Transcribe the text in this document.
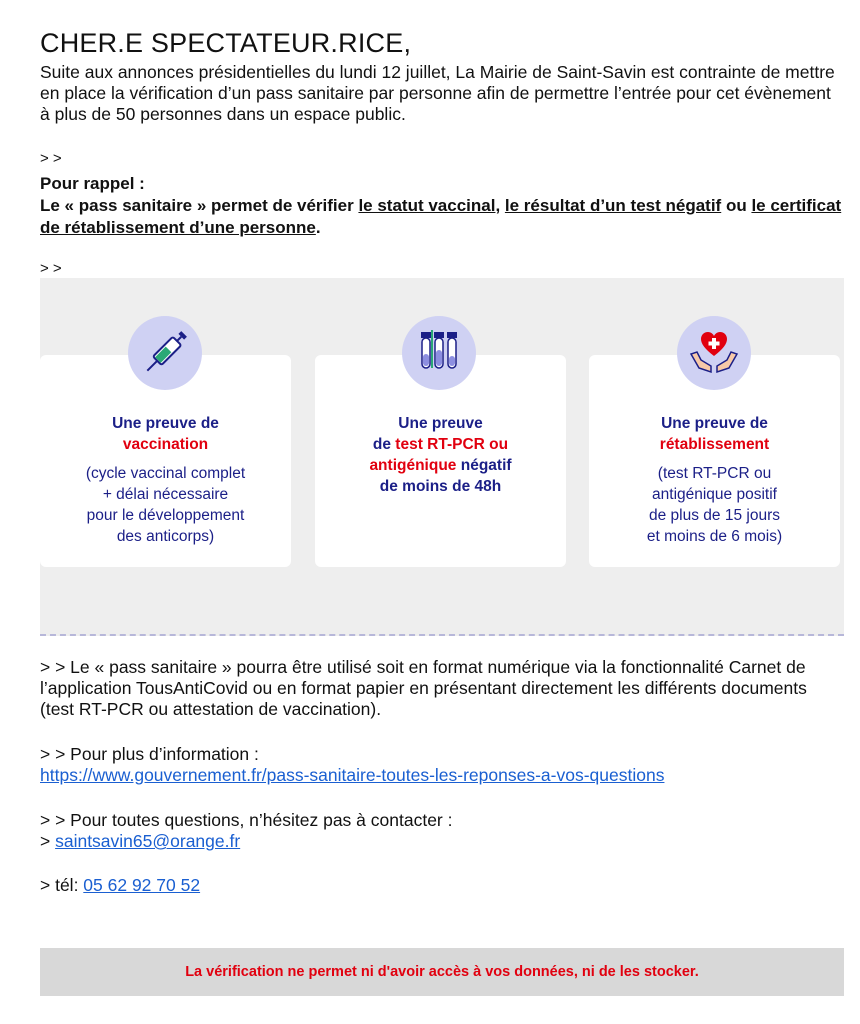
CHER.E SPECTATEUR.RICE,
Suite aux annonces présidentielles du lundi 12 juillet, La Mairie de Saint-Savin est contrainte de mettre en place la vérification d’un pass sanitaire par personne afin de permettre l’entrée pour cet évènement à plus de 50 personnes dans un espace public.
> >
Pour rappel :
Le « pass sanitaire » permet de vérifier le statut vaccinal, le résultat d’un test négatif ou le certificat de rétablissement d’une personne.
> >
Une preuve de
vaccination
(cycle vaccinal complet
+ délai nécessaire
pour le développement
des anticorps)
Une preuve
de test RT-PCR ou
antigénique négatif
de moins de 48h
Une preuve de
rétablissement
(test RT-PCR ou
antigénique positif
de plus de 15 jours
et moins de 6 mois)
> > Le « pass sanitaire » pourra être utilisé soit en format numérique via la fonctionnalité Carnet de l’application TousAntiCovid ou en format papier en présentant directement les différents documents (test RT-PCR ou attestation de vaccination).
> > Pour plus d’information :
https://www.gouvernement.fr/pass-sanitaire-toutes-les-reponses-a-vos-questions
> > Pour toutes questions, n’hésitez pas à contacter :
> saintsavin65@orange.fr
> tél: 05 62 92 70 52
La vérification ne permet ni d'avoir accès à vos données, ni de les stocker.
